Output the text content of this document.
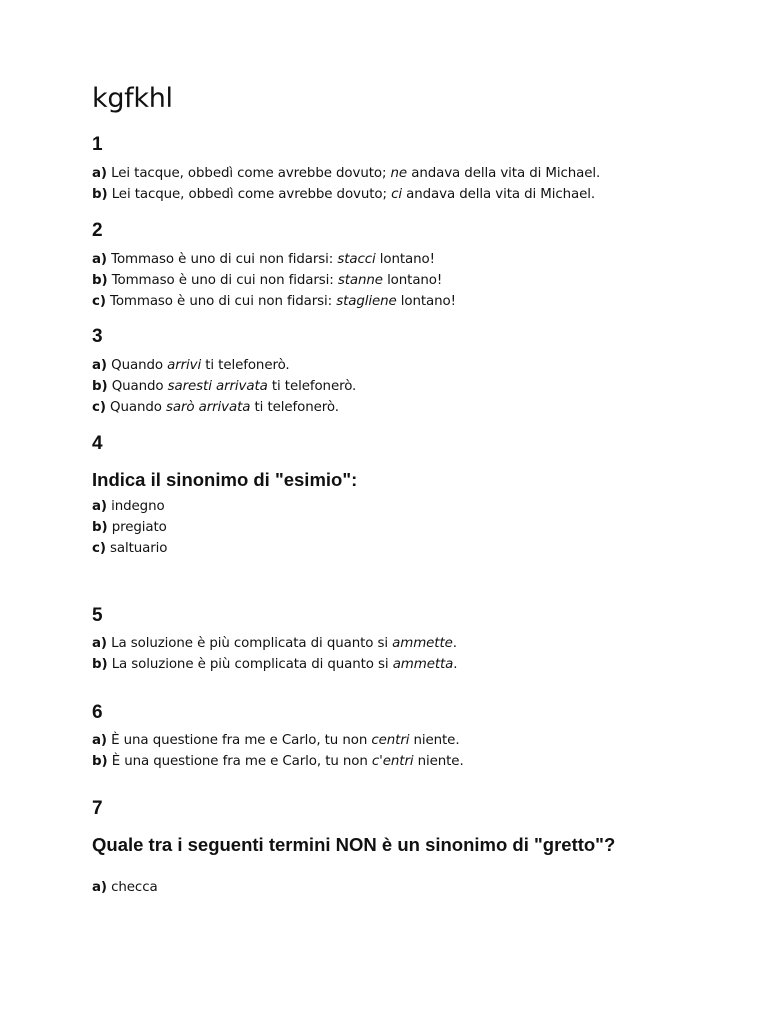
kgfkhl
1
a) Lei tacque, obbedì come avrebbe dovuto; ne andava della vita di Michael.
b) Lei tacque, obbedì come avrebbe dovuto; ci andava della vita di Michael.
2
a) Tommaso è uno di cui non fidarsi: stacci lontano!
b) Tommaso è uno di cui non fidarsi: stanne lontano!
c) Tommaso è uno di cui non fidarsi: stagliene lontano!
3
a) Quando arrivi ti telefonerò.
b) Quando saresti arrivata ti telefonerò.
c) Quando sarò arrivata ti telefonerò.
4
Indica il sinonimo di "esimio":
a) indegno
b) pregiato
c) saltuario
5
a) La soluzione è più complicata di quanto si ammette.
b) La soluzione è più complicata di quanto si ammetta.
6
a) È una questione fra me e Carlo, tu non centri niente.
b) È una questione fra me e Carlo, tu non c'entri niente.
7
Quale tra i seguenti termini NON è un sinonimo di "gretto"?
a) checca
